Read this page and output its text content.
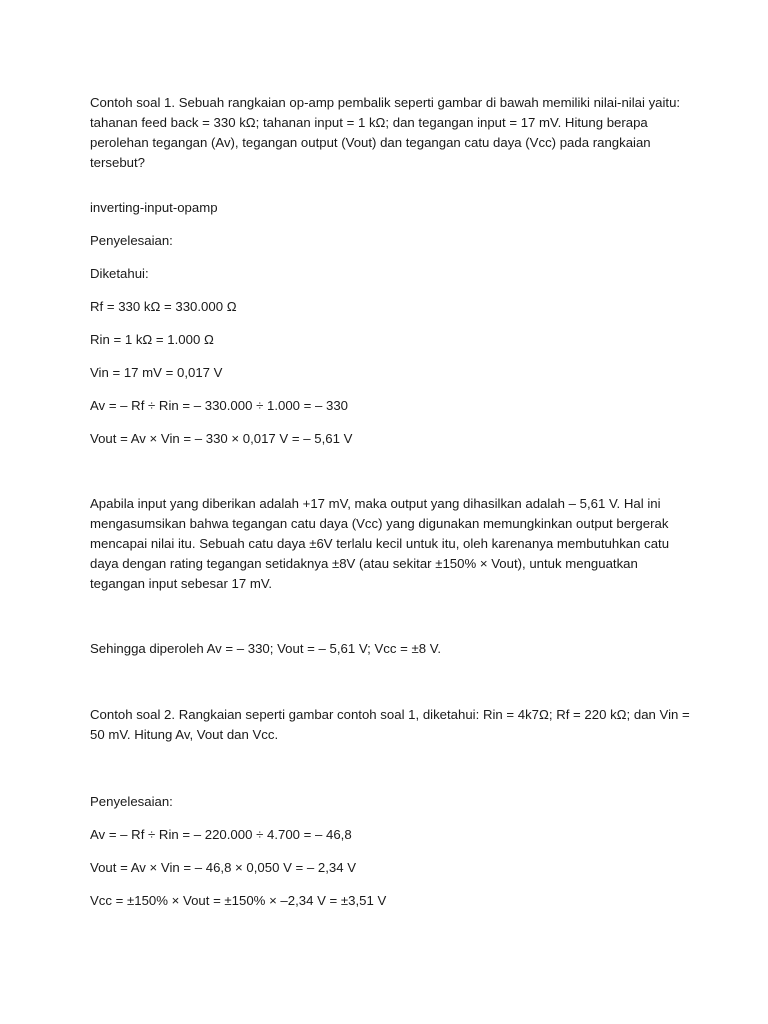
Contoh soal 1. Sebuah rangkaian op-amp pembalik seperti gambar di bawah memiliki nilai-nilai yaitu: tahanan feed back = 330 kΩ; tahanan input = 1 kΩ; dan tegangan input = 17 mV. Hitung berapa perolehan tegangan (Av), tegangan output (Vout) dan tegangan catu daya (Vcc) pada rangkaian tersebut?

inverting-input-opamp

Penyelesaian:

Diketahui:

Rf = 330 kΩ = 330.000 Ω

Rin = 1 kΩ = 1.000 Ω

Vin = 17 mV = 0,017 V

Av = – Rf ÷ Rin = – 330.000 ÷ 1.000 = – 330

Vout = Av × Vin = – 330 × 0,017 V = – 5,61 V

Apabila input yang diberikan adalah +17 mV, maka output yang dihasilkan adalah – 5,61 V. Hal ini mengasumsikan bahwa tegangan catu daya (Vcc) yang digunakan memungkinkan output bergerak mencapai nilai itu. Sebuah catu daya ±6V terlalu kecil untuk itu, oleh karenanya membutuhkan catu daya dengan rating tegangan setidaknya ±8V (atau sekitar ±150% × Vout), untuk menguatkan tegangan input sebesar 17 mV.

Sehingga diperoleh Av = – 330; Vout = – 5,61 V; Vcc = ±8 V.

Contoh soal 2. Rangkaian seperti gambar contoh soal 1, diketahui: Rin = 4k7Ω; Rf = 220 kΩ; dan Vin = 50 mV. Hitung Av, Vout dan Vcc.

Penyelesaian:

Av = – Rf ÷ Rin = – 220.000 ÷ 4.700 = – 46,8

Vout = Av × Vin = – 46,8 × 0,050 V = – 2,34 V

Vcc = ±150% × Vout = ±150% × –2,34 V = ±3,51 V
